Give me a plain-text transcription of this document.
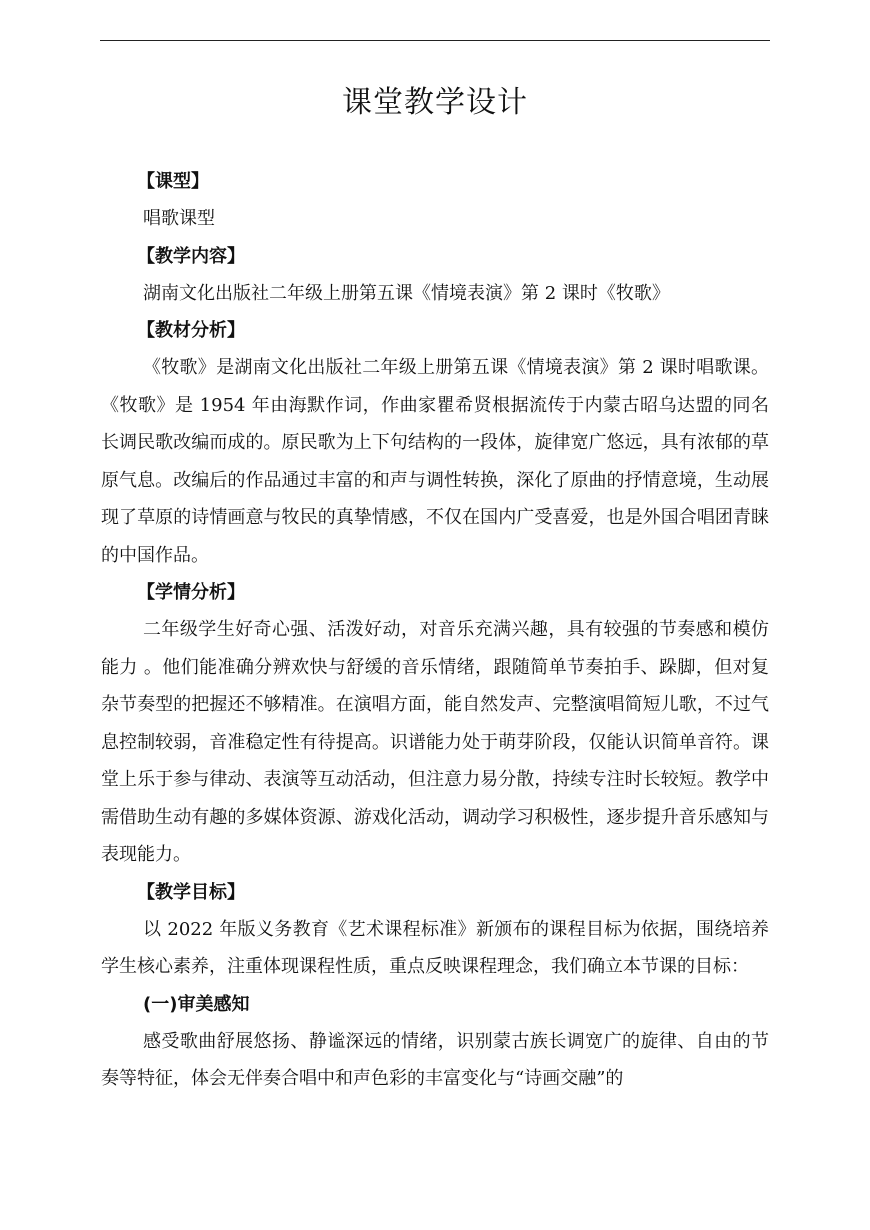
课堂教学设计
【课型】

唱歌课型

【教学内容】

湖南文化出版社二年级上册第五课《情境表演》第 2 课时《牧歌》

【教材分析】

《牧歌》是湖南文化出版社二年级上册第五课《情境表演》第 2 课时唱歌课。《牧歌》是 1954 年由海默作词，作曲家瞿希贤根据流传于内蒙古昭乌达盟的同名长调民歌改编而成的。原民歌为上下句结构的一段体，旋律宽广悠远，具有浓郁的草原气息。改编后的作品通过丰富的和声与调性转换，深化了原曲的抒情意境，生动展现了草原的诗情画意与牧民的真挚情感，不仅在国内广受喜爱，也是外国合唱团青睐的中国作品。

【学情分析】

二年级学生好奇心强、活泼好动，对音乐充满兴趣，具有较强的节奏感和模仿能力 。他们能准确分辨欢快与舒缓的音乐情绪，跟随简单节奏拍手、跺脚，但对复杂节奏型的把握还不够精准。在演唱方面，能自然发声、完整演唱简短儿歌，不过气息控制较弱，音准稳定性有待提高。识谱能力处于萌芽阶段，仅能认识简单音符。课堂上乐于参与律动、表演等互动活动，但注意力易分散，持续专注时长较短。教学中需借助生动有趣的多媒体资源、游戏化活动，调动学习积极性，逐步提升音乐感知与表现能力。

【教学目标】

以 2022 年版义务教育《艺术课程标准》新颁布的课程目标为依据，围绕培养学生核心素养，注重体现课程性质，重点反映课程理念，我们确立本节课的目标：

(一)审美感知

感受歌曲舒展悠扬、静谧深远的情绪，识别蒙古族长调宽广的旋律、自由的节奏等特征，体会无伴奏合唱中和声色彩的丰富变化与“诗画交融”的
